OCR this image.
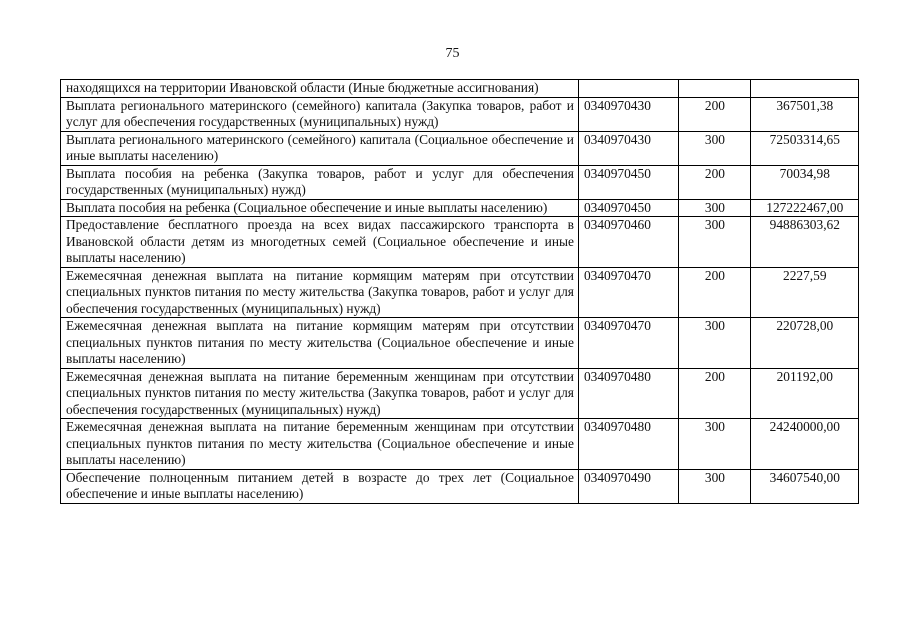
75
находящихся на территории Ивановской области (Иные бюджетные ассигнования)			
Выплата регионального материнского (семейного) капитала (Закупка товаров, работ и услуг для обеспечения государственных (муниципальных) нужд)	0340970430	200	367501,38
Выплата регионального материнского (семейного) капитала (Социальное обеспечение и иные выплаты населению)	0340970430	300	72503314,65
Выплата пособия на ребенка (Закупка товаров, работ и услуг для обеспечения государственных (муниципальных) нужд)	0340970450	200	70034,98
Выплата пособия на ребенка (Социальное обеспечение и иные выплаты населению)	0340970450	300	127222467,00
Предоставление бесплатного проезда на всех видах пассажирского транспорта в Ивановской области детям из многодетных семей (Социальное обеспечение и иные выплаты населению)	0340970460	300	94886303,62
Ежемесячная денежная выплата на питание кормящим матерям при отсутствии специальных пунктов питания по месту жительства (Закупка товаров, работ и услуг для обеспечения государственных (муниципальных) нужд)	0340970470	200	2227,59
Ежемесячная денежная выплата на питание кормящим матерям при отсутствии специальных пунктов питания по месту жительства (Социальное обеспечение и иные выплаты населению)	0340970470	300	220728,00
Ежемесячная денежная выплата на питание беременным женщинам при отсутствии специальных пунктов питания по месту жительства (Закупка товаров, работ и услуг для обеспечения государственных (муниципальных) нужд)	0340970480	200	201192,00
Ежемесячная денежная выплата на питание беременным женщинам при отсутствии специальных пунктов питания по месту жительства (Социальное обеспечение и иные выплаты населению)	0340970480	300	24240000,00
Обеспечение полноценным питанием детей в возрасте до трех лет (Социальное обеспечение и иные выплаты населению)	0340970490	300	34607540,00
